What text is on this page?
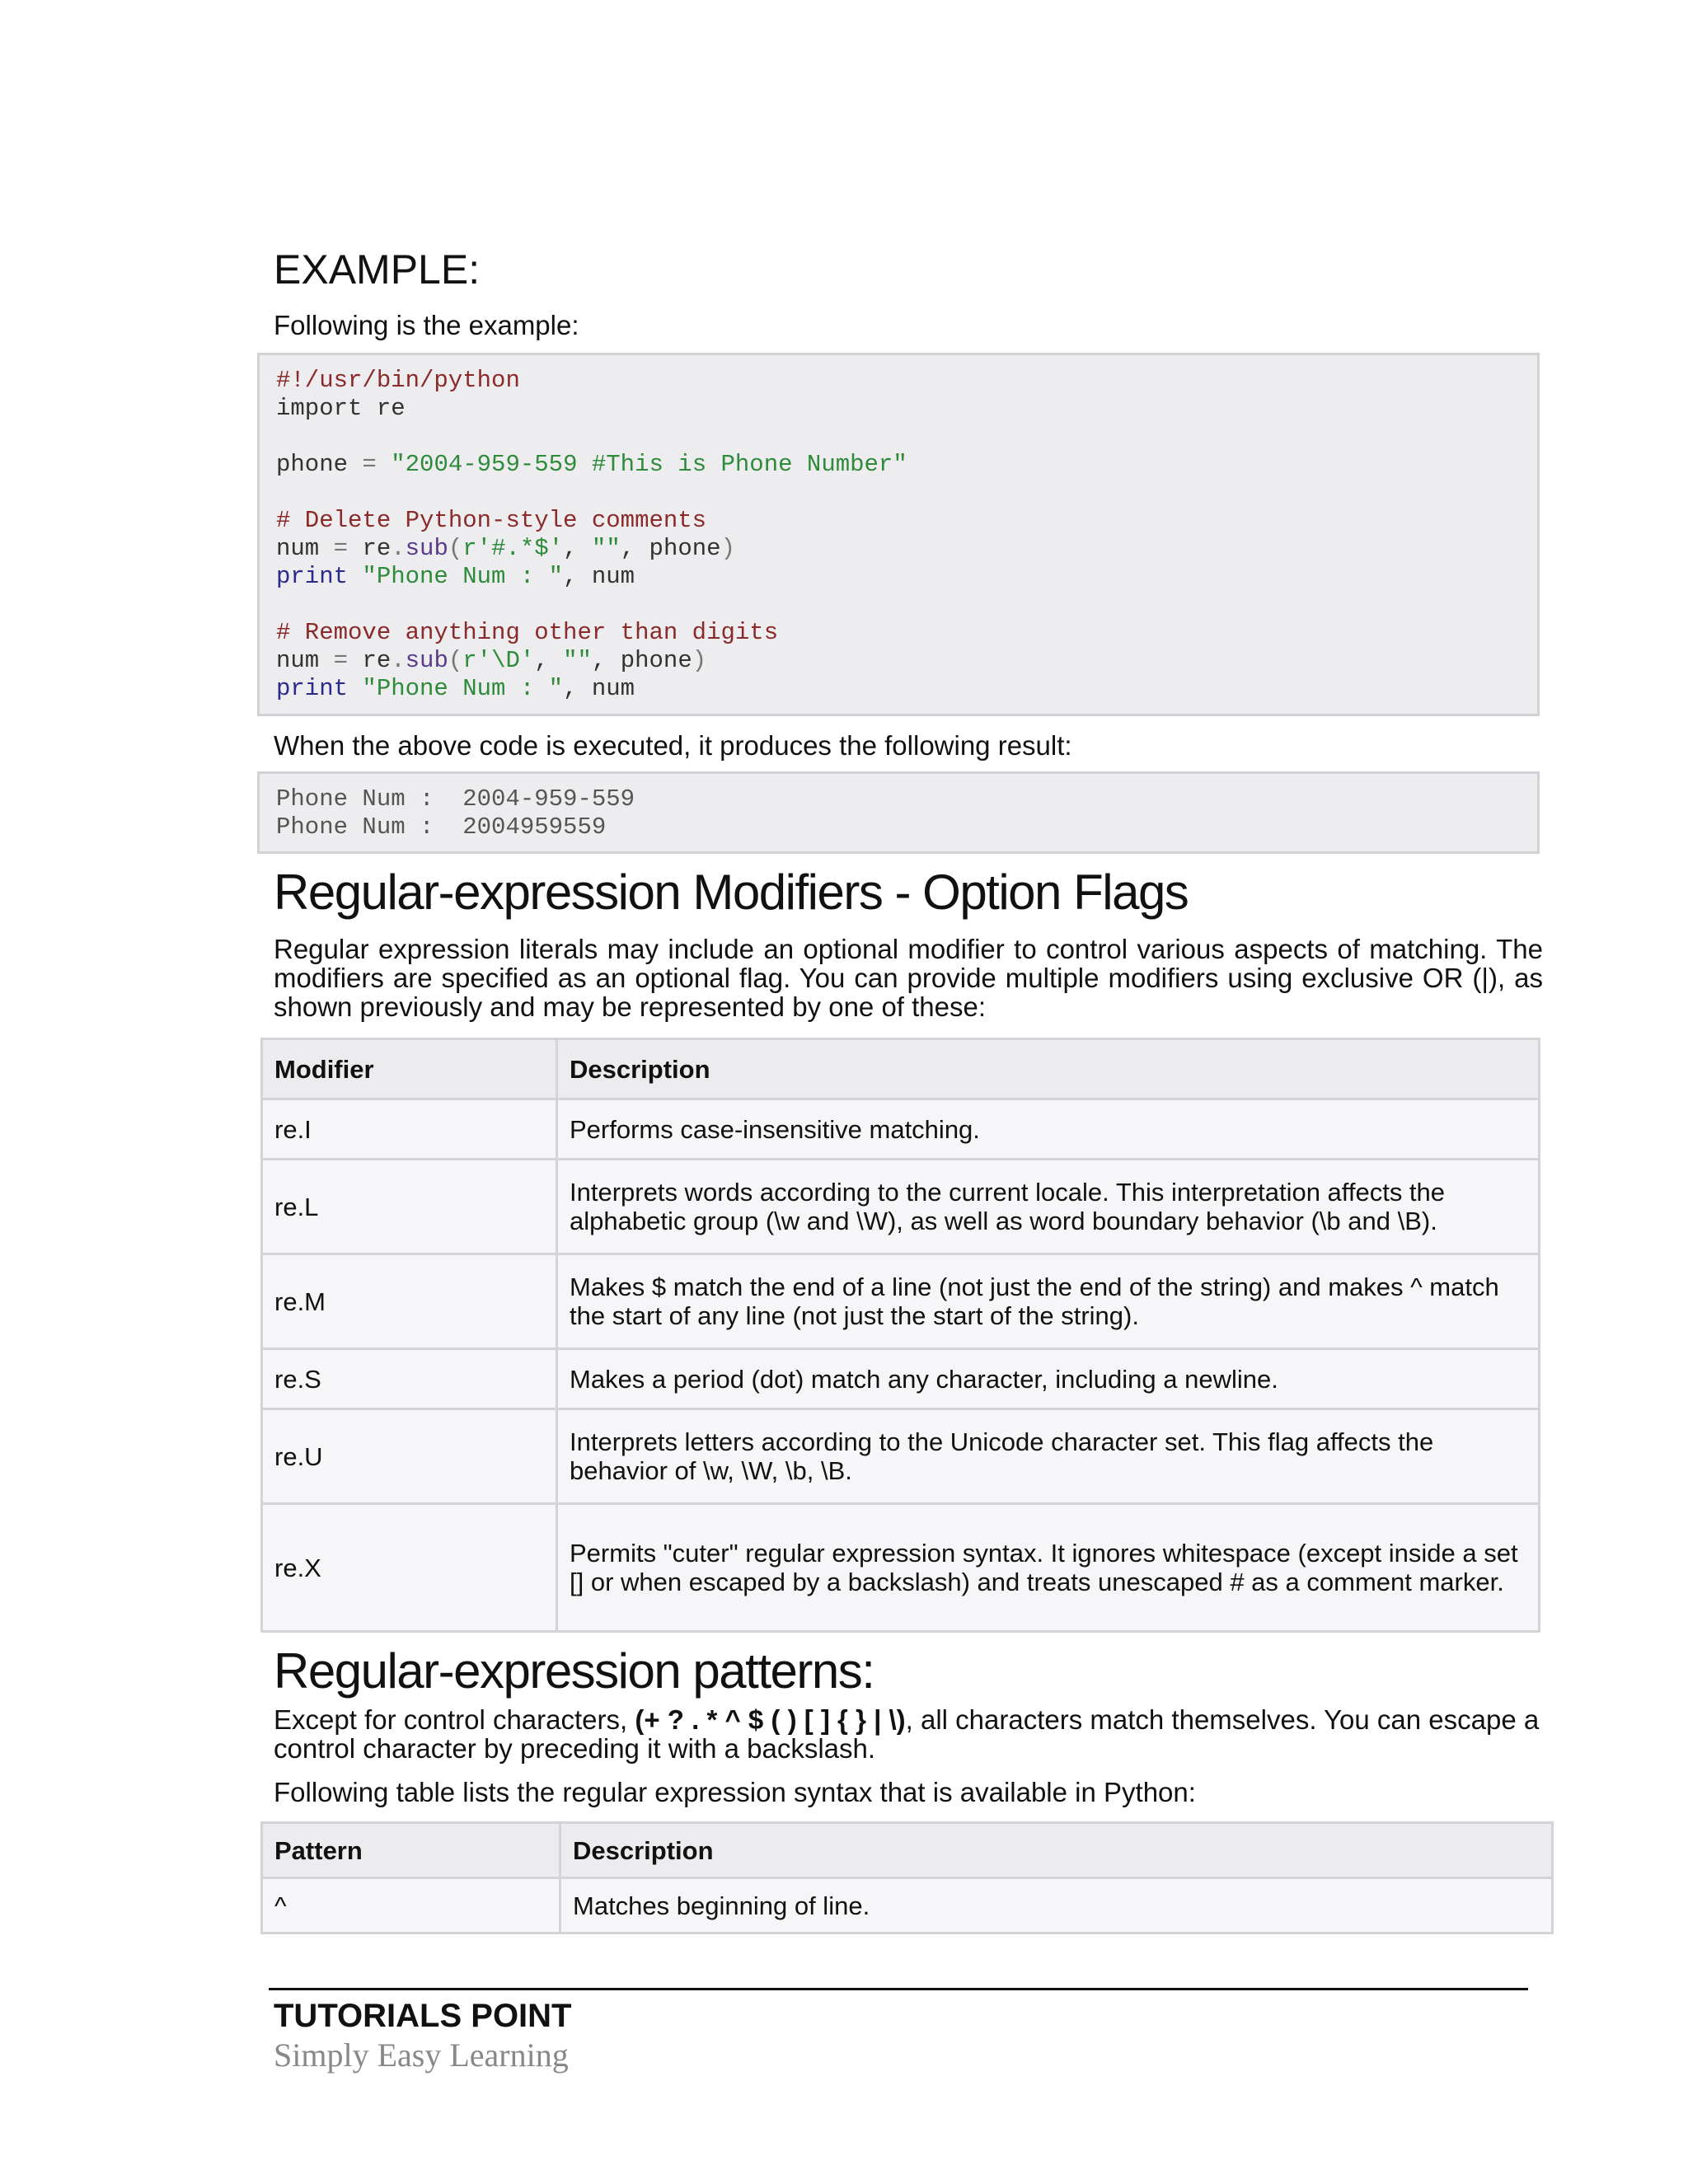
EXAMPLE:

Following is the example:

#!/usr/bin/python
import re

phone = "2004-959-559 #This is Phone Number"

# Delete Python-style comments
num = re.sub(r'#.*$', "", phone)
print "Phone Num : ", num

# Remove anything other than digits
num = re.sub(r'\D', "", phone)
print "Phone Num : ", num

When the above code is executed, it produces the following result:

Phone Num :  2004-959-559
Phone Num :  2004959559
Regular-expression Modifiers - Option Flags

Regular expression literals may include an optional modifier to control various aspects of matching. The modifiers are specified as an optional flag. You can provide multiple modifiers using exclusive OR (|), as shown previously and may be represented by one of these:

Modifier	Description
re.I	Performs case-insensitive matching.
re.L	Interprets words according to the current locale. This interpretation affects the alphabetic group (\w and \W), as well as word boundary behavior (\b and \B).
re.M	Makes $ match the end of a line (not just the end of the string) and makes ^ match the start of any line (not just the start of the string).
re.S	Makes a period (dot) match any character, including a newline.
re.U	Interprets letters according to the Unicode character set. This flag affects the behavior of \w, \W, \b, \B.
re.X	Permits "cuter" regular expression syntax. It ignores whitespace (except inside a set [] or when escaped by a backslash) and treats unescaped # as a comment marker.
Regular-expression patterns:

Except for control characters, (+ ? . * ^ $ ( ) [ ] { } | \), all characters match themselves. You can escape a control character by preceding it with a backslash.

Following table lists the regular expression syntax that is available in Python:

Pattern	Description
^	Matches beginning of line.
TUTORIALS POINT
Simply Easy Learning
